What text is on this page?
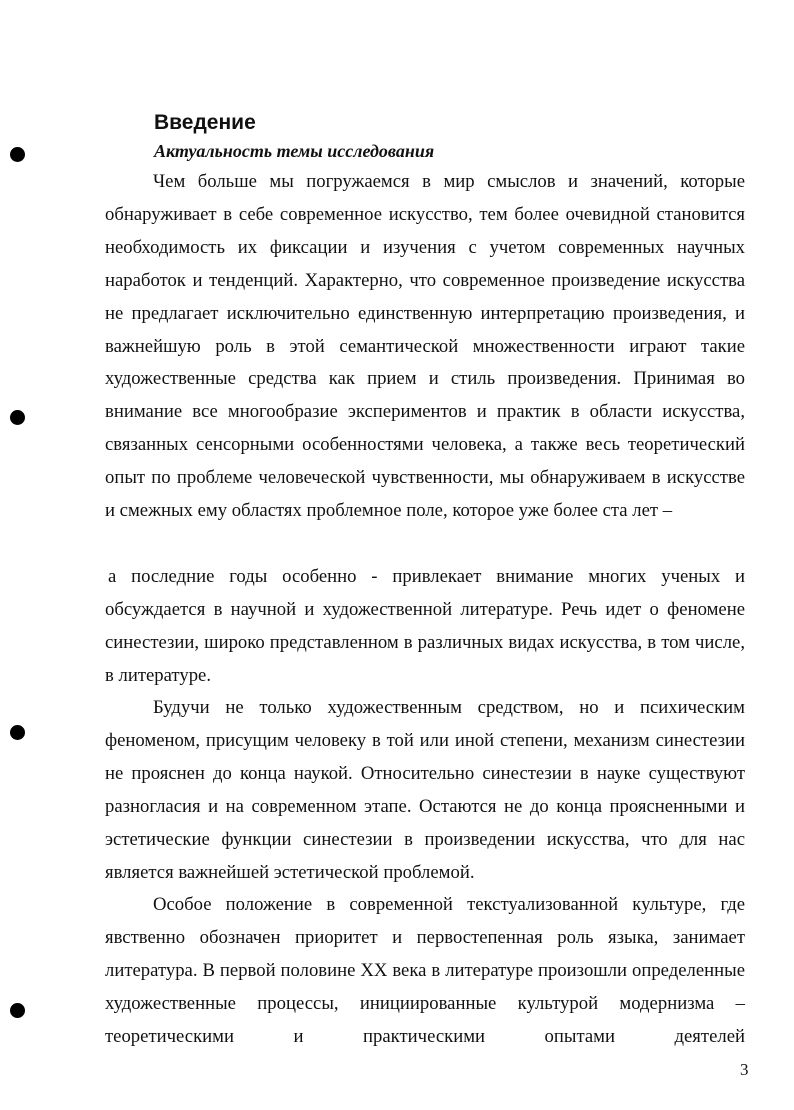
Введение
Актуальность темы исследования

Чем больше мы погружаемся в мир смыслов и значений, которые обнаруживает в себе современное искусство, тем более очевидной становится необходимость их фиксации и изучения с учетом современных научных наработок и тенденций. Характерно, что современное произведение искусства не предлагает исключительно единственную интерпретацию произведения, и важнейшую роль в этой семантической множественности играют такие художественные средства как прием и стиль произведения. Принимая во внимание все многообразие экспериментов и практик в области искусства, связанных сенсорными особенностями человека, а также весь теоретический опыт по проблеме человеческой чувственности, мы обнаруживаем в искусстве и смежных ему областях проблемное поле, которое уже более ста лет –

а последние годы особенно - привлекает внимание многих ученых и обсуждается в научной и художественной литературе. Речь идет о феномене синестезии, широко представленном в различных видах искусства, в том числе, в литературе.

Будучи не только художественным средством, но и психическим феноменом, присущим человеку в той или иной степени, механизм синестезии не прояснен до конца наукой. Относительно синестезии в науке существуют разногласия и на современном этапе. Остаются не до конца проясненными и эстетические функции синестезии в произведении искусства, что для нас является важнейшей эстетической проблемой.

Особое положение в современной текстуализованной культуре, где явственно обозначен приоритет и первостепенная роль языка, занимает литература. В первой половине XX века в литературе произошли определенные художественные процессы, инициированные культурой модернизма – теоретическими и практическими опытами деятелей

3
